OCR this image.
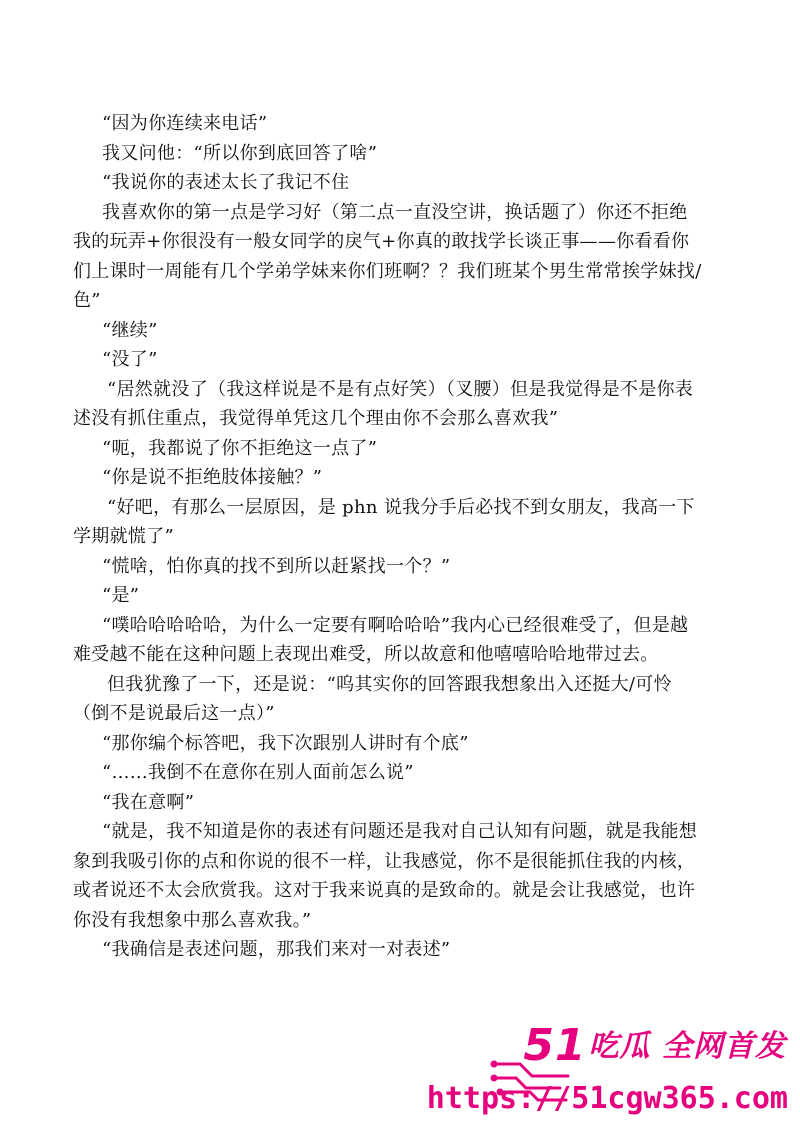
“因为你连续来电话”

我又问他：“所以你到底回答了啥”

“我说你的表述太长了我记不住

我喜欢你的第一点是学习好（第二点一直没空讲，换话题了）你还不拒绝我的玩弄+你很没有一般女同学的戾气+你真的敢找学长谈正事——你看看你们上课时一周能有几个学弟学妹来你们班啊？？我们班某个男生常常挨学妹找/色”

“继续”

“没了”

“居然就没了（我这样说是不是有点好笑）（叉腰）但是我觉得是不是你表述没有抓住重点，我觉得单凭这几个理由你不会那么喜欢我”

“呃，我都说了你不拒绝这一点了”

“你是说不拒绝肢体接触？”

“好吧，有那么一层原因，是 phn 说我分手后必找不到女朋友，我高一下学期就慌了”

“慌啥，怕你真的找不到所以赶紧找一个？”

“是”

“噗哈哈哈哈哈，为什么一定要有啊哈哈哈”我内心已经很难受了，但是越难受越不能在这种问题上表现出难受，所以故意和他嘻嘻哈哈地带过去。

但我犹豫了一下，还是说：“呜其实你的回答跟我想象出入还挺大/可怜（倒不是说最后这一点）”

“那你编个标答吧，我下次跟别人讲时有个底”

“……我倒不在意你在别人面前怎么说”

“我在意啊”

“就是，我不知道是你的表述有问题还是我对自己认知有问题，就是我能想象到我吸引你的点和你说的很不一样，让我感觉，你不是很能抓住我的内核，或者说还不太会欣赏我。这对于我来说真的是致命的。就是会让我感觉，也许你没有我想象中那么喜欢我。”

“我确信是表述问题，那我们来对一对表述”

51吃瓜 全网首发
https://51cgw365.com
